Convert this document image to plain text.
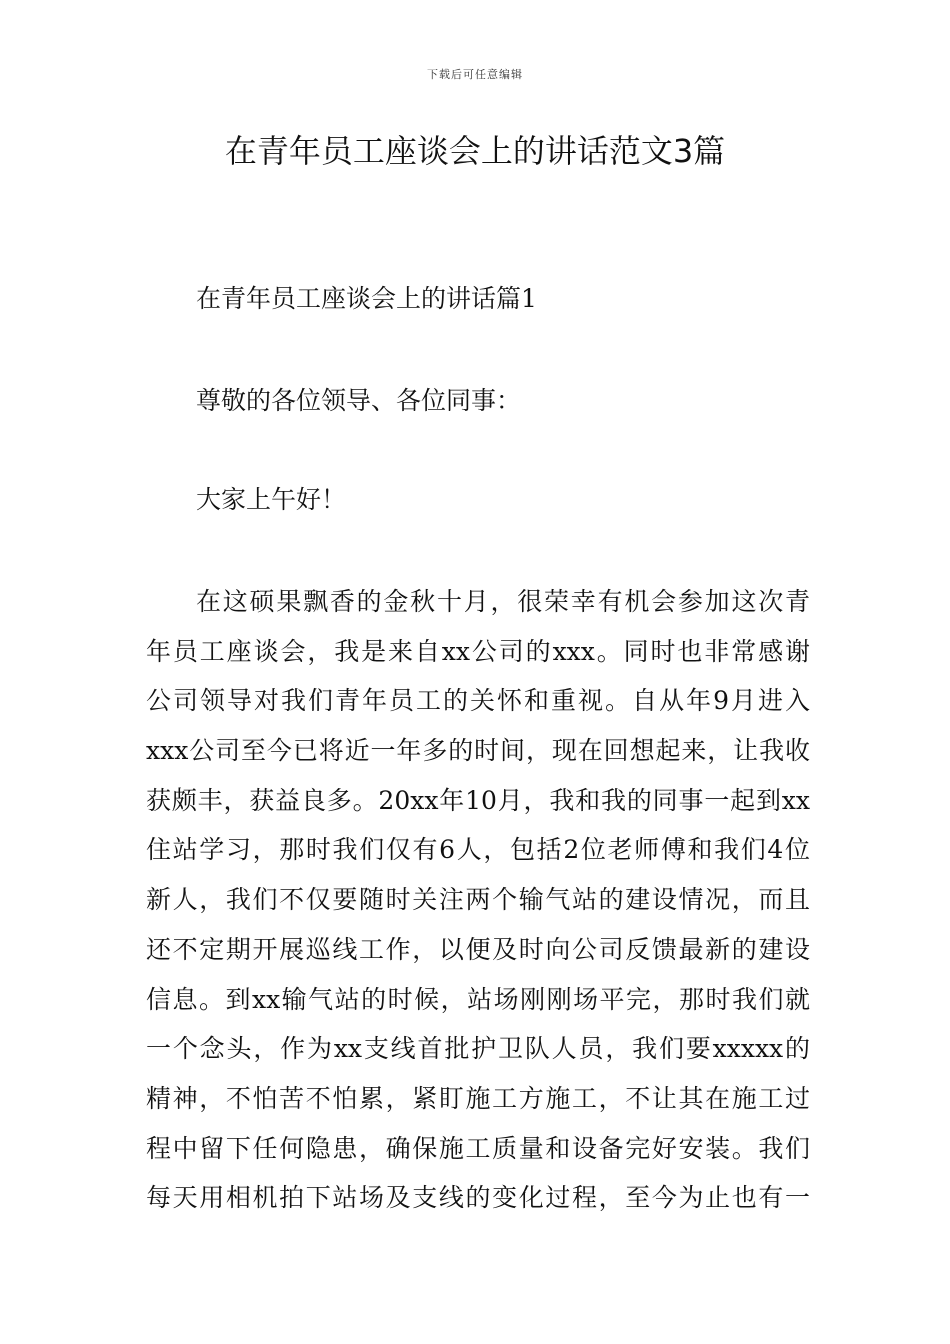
下载后可任意编辑
在青年员工座谈会上的讲话范文3篇

在青年员工座谈会上的讲话篇1

尊敬的各位领导、各位同事：

大家上午好！

在这硕果飘香的金秋十月，很荣幸有机会参加这次青
年员工座谈会，我是来自xx公司的xxx。同时也非常感谢
公司领导对我们青年员工的关怀和重视。自从年9月进入
xxx公司至今已将近一年多的时间，现在回想起来，让我收
获颇丰，获益良多。20xx年10月，我和我的同事一起到xx
住站学习，那时我们仅有6人，包括2位老师傅和我们4位
新人，我们不仅要随时关注两个输气站的建设情况，而且
还不定期开展巡线工作，以便及时向公司反馈最新的建设
信息。到xx输气站的时候，站场刚刚场平完，那时我们就
一个念头，作为xx支线首批护卫队人员，我们要xxxxx的
精神，不怕苦不怕累，紧盯施工方施工，不让其在施工过
程中留下任何隐患，确保施工质量和设备完好安装。我们
每天用相机拍下站场及支线的变化过程，至今为止也有一
